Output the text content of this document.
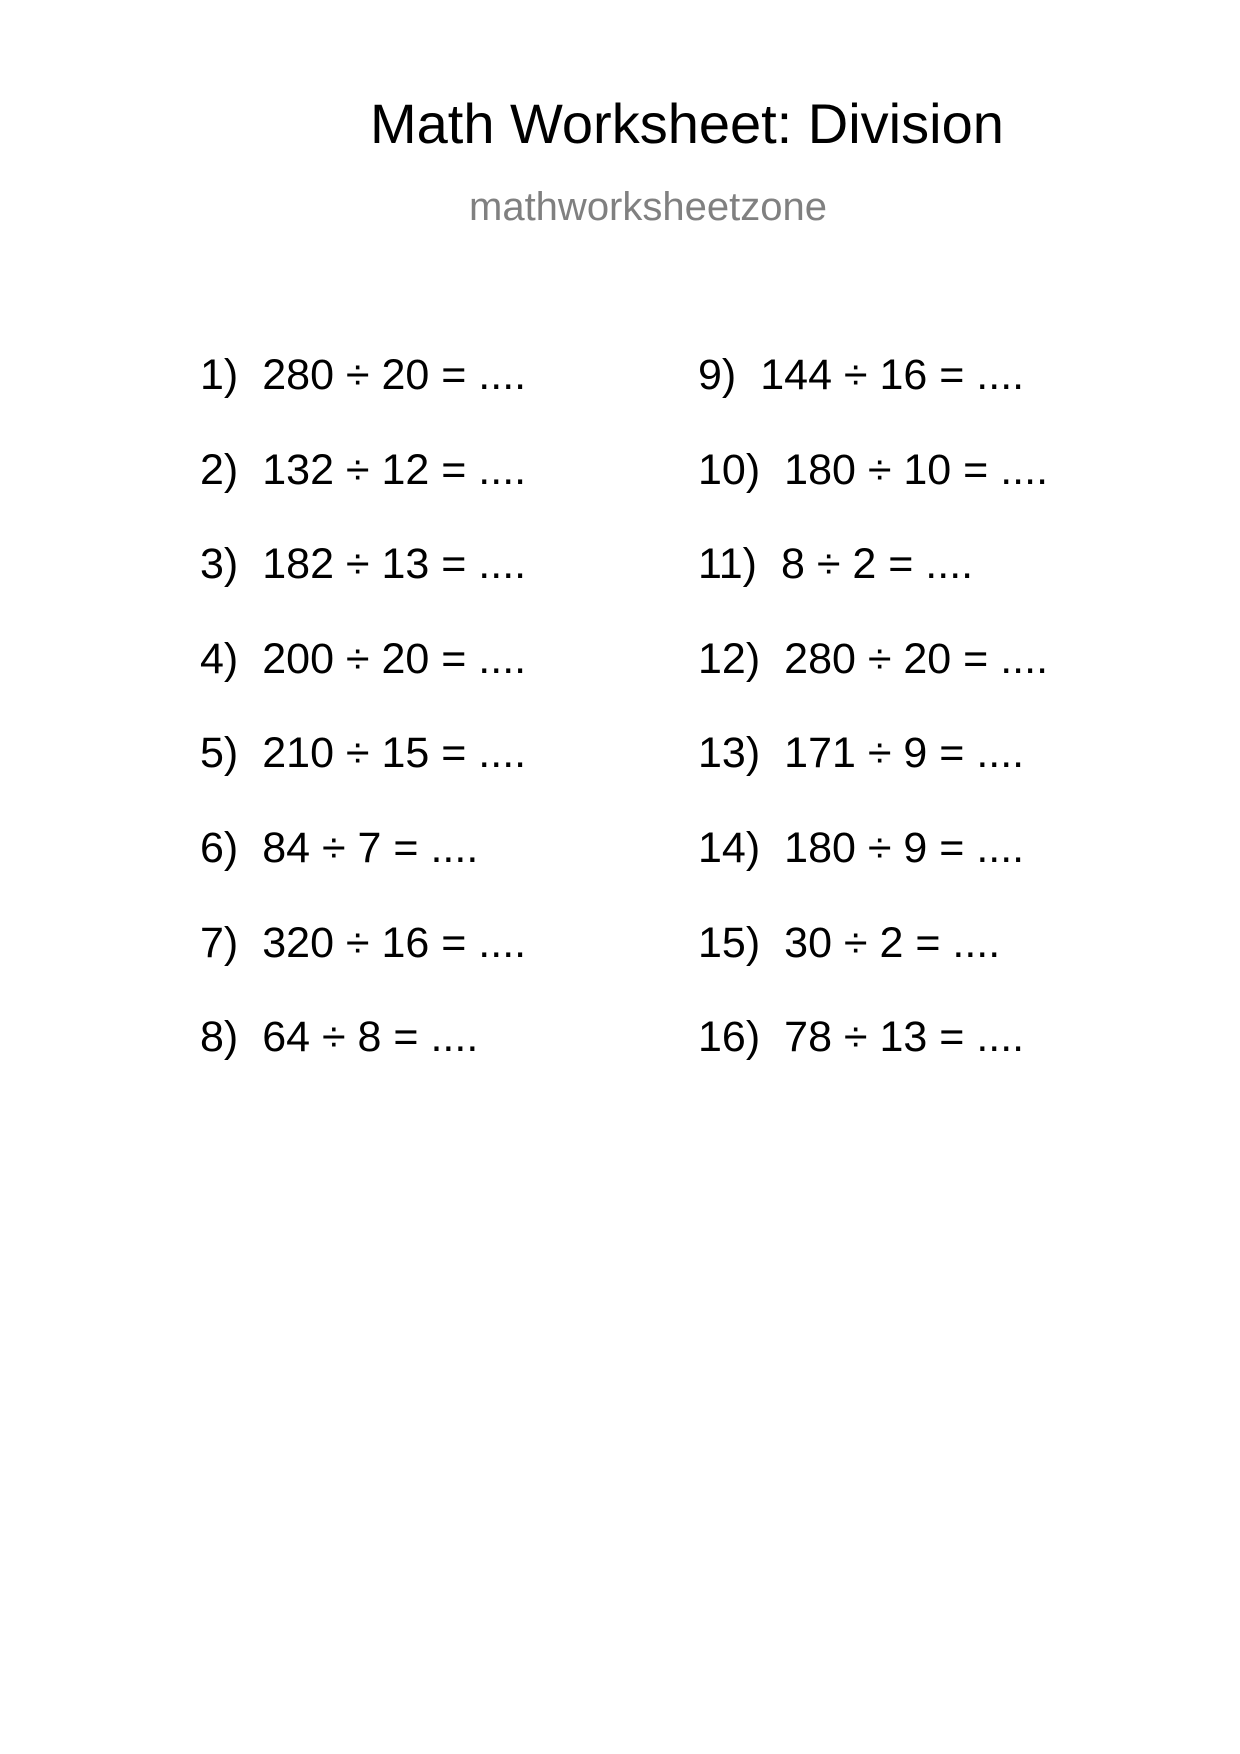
Math Worksheet: Division
mathworksheetzone
1) 280 ÷ 20 = ....
2) 132 ÷ 12 = ....
3) 182 ÷ 13 = ....
4) 200 ÷ 20 = ....
5) 210 ÷ 15 = ....
6) 84 ÷ 7 = ....
7) 320 ÷ 16 = ....
8) 64 ÷ 8 = ....
9) 144 ÷ 16 = ....
10) 180 ÷ 10 = ....
11) 8 ÷ 2 = ....
12) 280 ÷ 20 = ....
13) 171 ÷ 9 = ....
14) 180 ÷ 9 = ....
15) 30 ÷ 2 = ....
16) 78 ÷ 13 = ....
